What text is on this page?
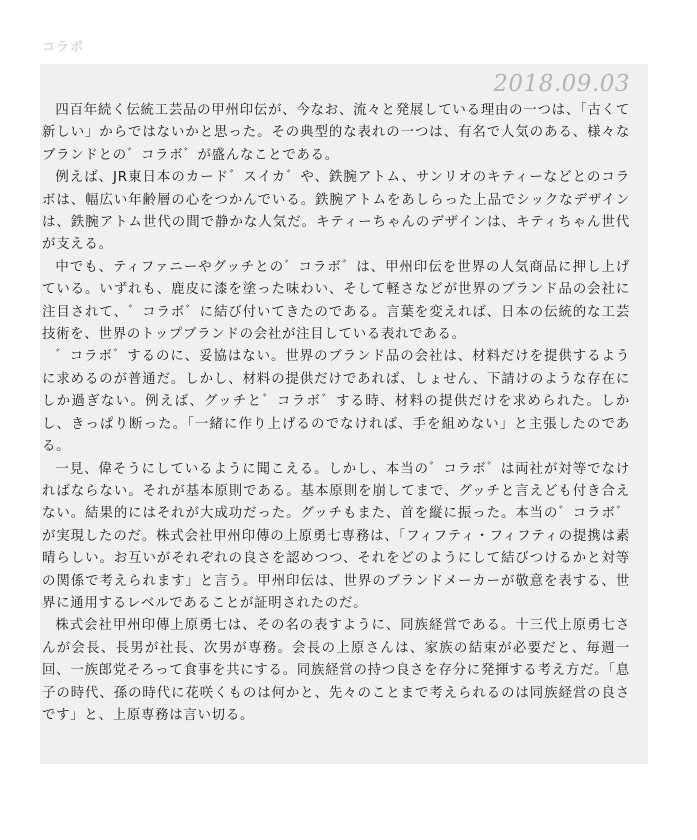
コラボ
2018.09.03

四百年続く伝統工芸品の甲州印伝が、今なお、流々と発展している理由の一つは、「古くて新しい」からではないかと思った。その典型的な表れの一つは、有名で人気のある、様々なブランドとの゛コラボ゛が盛んなことである。

例えば、JR東日本のカード゛スイカ゛や、鉄腕アトム、サンリオのキティーなどとのコラボは、幅広い年齢層の心をつかんでいる。鉄腕アトムをあしらった上品でシックなデザインは、鉄腕アトム世代の間で静かな人気だ。キティーちゃんのデザインは、キティちゃん世代が支える。

中でも、ティファニーやグッチとの゛コラボ゛は、甲州印伝を世界の人気商品に押し上げている。いずれも、鹿皮に漆を塗った味わい、そして軽さなどが世界のブランド品の会社に注目されて、゛コラボ゛に結び付いてきたのである。言葉を変えれば、日本の伝統的な工芸技術を、世界のトップブランドの会社が注目している表れである。

゛コラボ゛するのに、妥協はない。世界のブランド品の会社は、材料だけを提供するように求めるのが普通だ。しかし、材料の提供だけであれば、しょせん、下請けのような存在にしか過ぎない。例えば、グッチと゛コラボ゛する時、材料の提供だけを求められた。しかし、きっぱり断った。「一緒に作り上げるのでなければ、手を組めない」と主張したのである。

一見、偉そうにしているように聞こえる。しかし、本当の゛コラボ゛は両社が対等でなければならない。それが基本原則である。基本原則を崩してまで、グッチと言えども付き合えない。結果的にはそれが大成功だった。グッチもまた、首を縦に振った。本当の゛コラボ゛が実現したのだ。株式会社甲州印傳の上原勇七専務は、「フィフティ・フィフティの提携は素晴らしい。お互いがそれぞれの良さを認めつつ、それをどのようにして結びつけるかと対等の関係で考えられます」と言う。甲州印伝は、世界のブランドメーカーが敬意を表する、世界に通用するレベルであることが証明されたのだ。

株式会社甲州印傳上原勇七は、その名の表すように、同族経営である。十三代上原勇七さんが会長、長男が社長、次男が専務。会長の上原さんは、家族の結束が必要だと、毎週一回、一族郎党そろって食事を共にする。同族経営の持つ良さを存分に発揮する考え方だ。「息子の時代、孫の時代に花咲くものは何かと、先々のことまで考えられるのは同族経営の良さです」と、上原専務は言い切る。
